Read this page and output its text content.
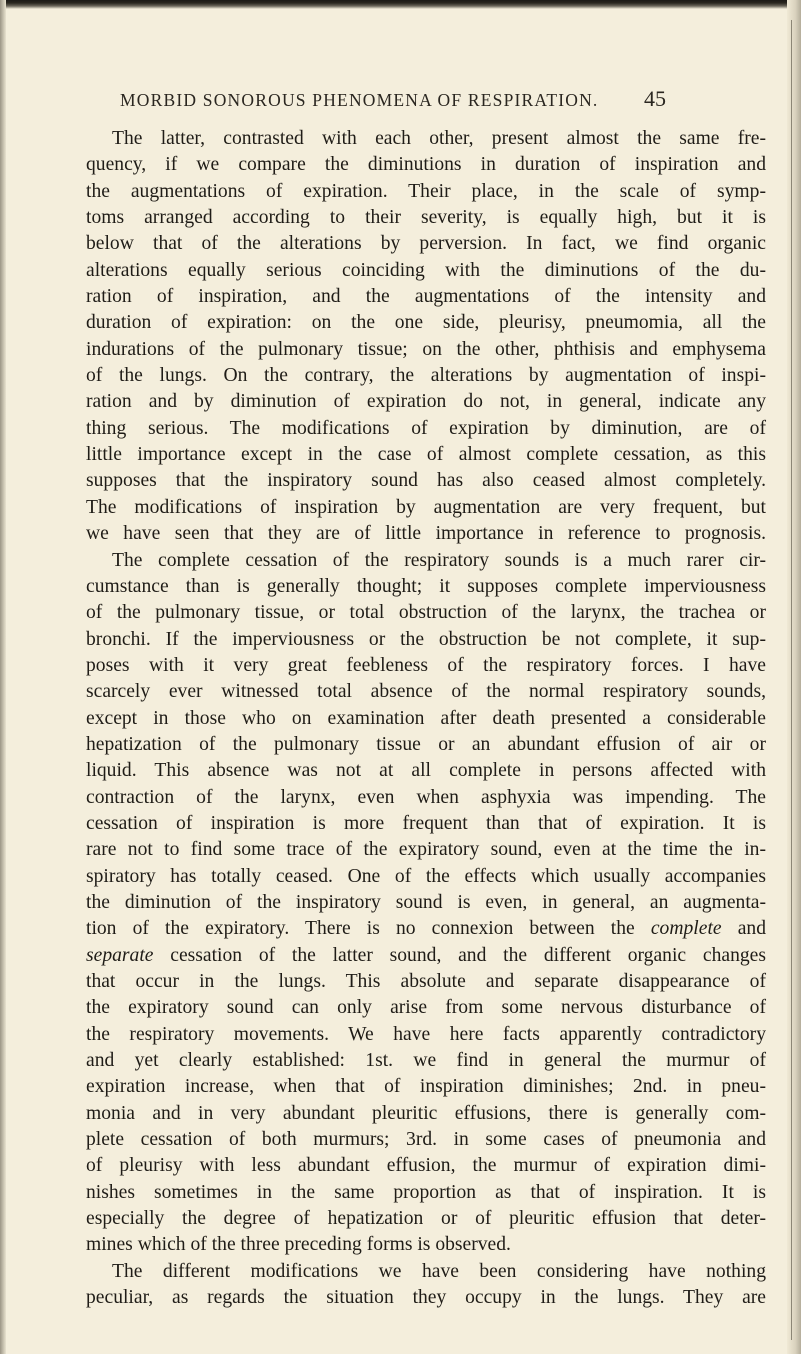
MORBID SONOROUS PHENOMENA OF RESPIRATION. 45
The latter, contrasted with each other, present almost the same fre-
quency, if we compare the diminutions in duration of inspiration and
the augmentations of expiration. Their place, in the scale of symp-
toms arranged according to their severity, is equally high, but it is
below that of the alterations by perversion. In fact, we find organic
alterations equally serious coinciding with the diminutions of the du-
ration of inspiration, and the augmentations of the intensity and
duration of expiration: on the one side, pleurisy, pneumomia, all the
indurations of the pulmonary tissue; on the other, phthisis and emphysema
of the lungs. On the contrary, the alterations by augmentation of inspi-
ration and by diminution of expiration do not, in general, indicate any
thing serious. The modifications of expiration by diminution, are of
little importance except in the case of almost complete cessation, as this
supposes that the inspiratory sound has also ceased almost completely.
The modifications of inspiration by augmentation are very frequent, but
we have seen that they are of little importance in reference to prognosis.
The complete cessation of the respiratory sounds is a much rarer cir-
cumstance than is generally thought; it supposes complete imperviousness
of the pulmonary tissue, or total obstruction of the larynx, the trachea or
bronchi. If the imperviousness or the obstruction be not complete, it sup-
poses with it very great feebleness of the respiratory forces. I have
scarcely ever witnessed total absence of the normal respiratory sounds,
except in those who on examination after death presented a considerable
hepatization of the pulmonary tissue or an abundant effusion of air or
liquid. This absence was not at all complete in persons affected with
contraction of the larynx, even when asphyxia was impending. The
cessation of inspiration is more frequent than that of expiration. It is
rare not to find some trace of the expiratory sound, even at the time the in-
spiratory has totally ceased. One of the effects which usually accompanies
the diminution of the inspiratory sound is even, in general, an augmenta-
tion of the expiratory. There is no connexion between the complete and
separate cessation of the latter sound, and the different organic changes
that occur in the lungs. This absolute and separate disappearance of
the expiratory sound can only arise from some nervous disturbance of
the respiratory movements. We have here facts apparently contradictory
and yet clearly established: 1st. we find in general the murmur of
expiration increase, when that of inspiration diminishes; 2nd. in pneu-
monia and in very abundant pleuritic effusions, there is generally com-
plete cessation of both murmurs; 3rd. in some cases of pneumonia and
of pleurisy with less abundant effusion, the murmur of expiration dimi-
nishes sometimes in the same proportion as that of inspiration. It is
especially the degree of hepatization or of pleuritic effusion that deter-
mines which of the three preceding forms is observed.
The different modifications we have been considering have nothing
peculiar, as regards the situation they occupy in the lungs. They are
